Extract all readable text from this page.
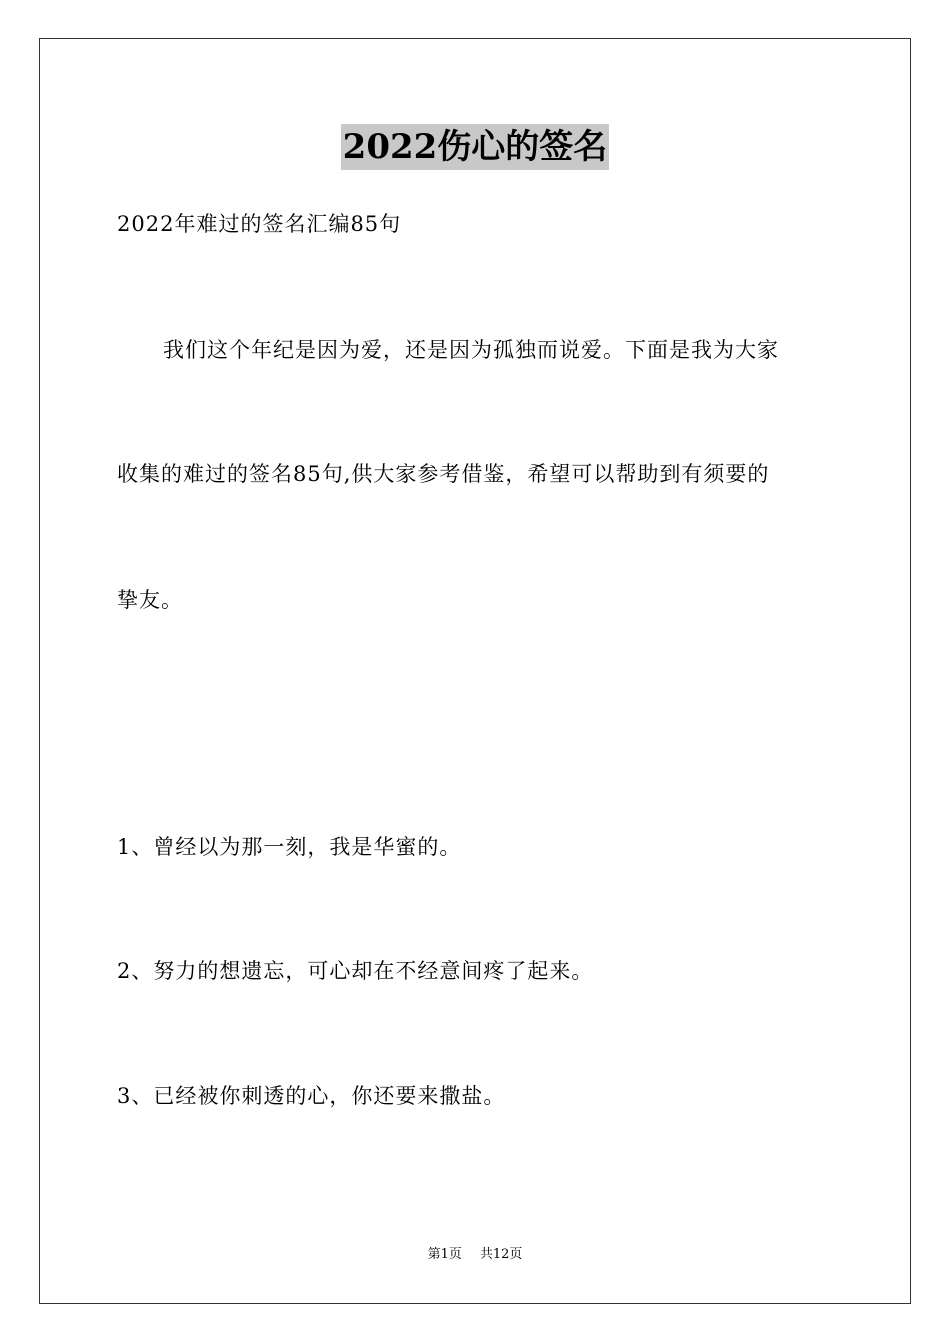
2022伤心的签名
2022年难过的签名汇编85句
我们这个年纪是因为爱，还是因为孤独而说爱。下面是我为大家
收集的难过的签名85句,供大家参考借鉴，希望可以帮助到有须要的
挚友。
1、曾经以为那一刻，我是华蜜的。
2、努力的想遗忘，可心却在不经意间疼了起来。
3、已经被你刺透的心，你还要来撒盐。
第1页 共12页
